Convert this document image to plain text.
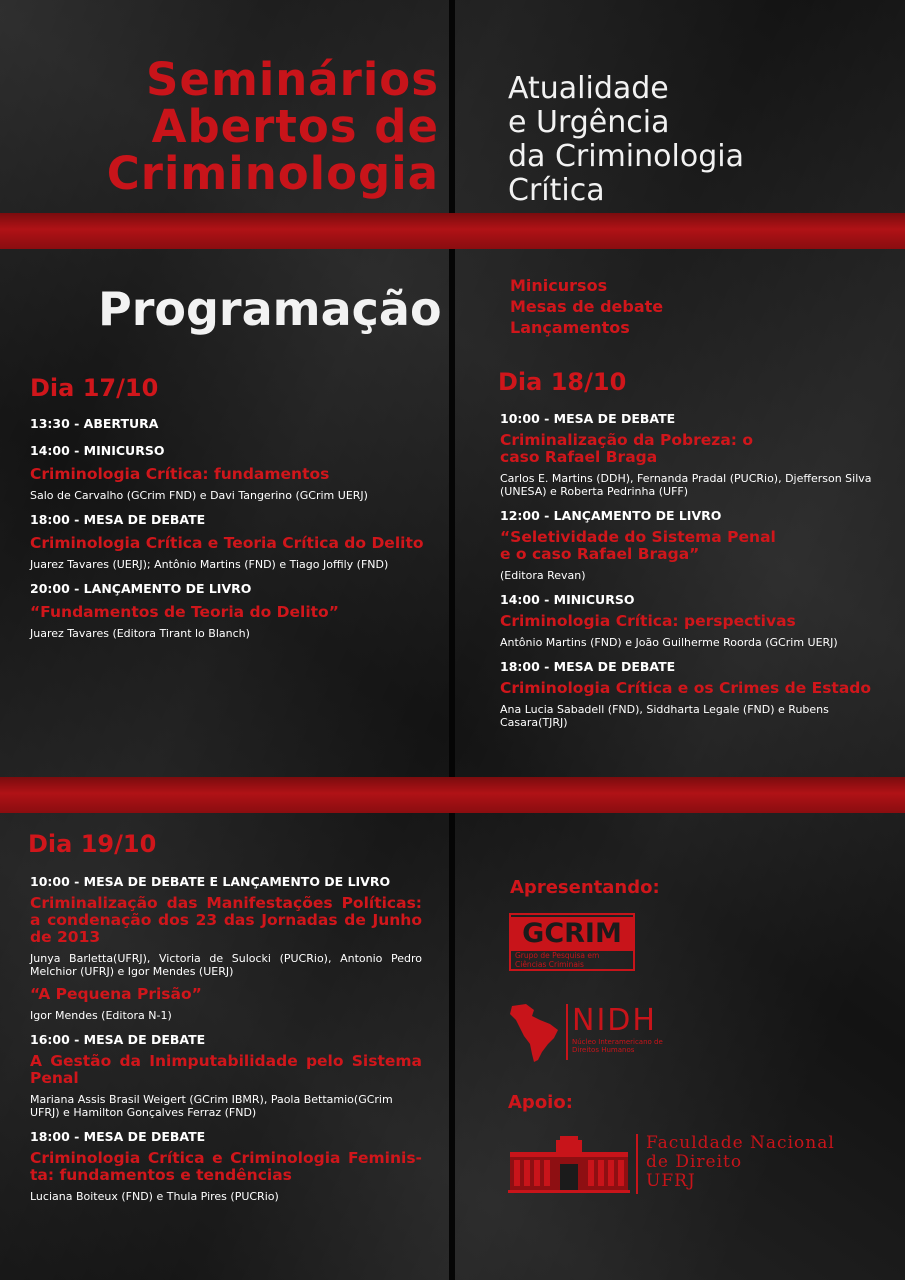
Seminários
Abertos de
Criminologia
Atualidade
e Urgência
da Criminologia
Crítica
Programação	Minicursos
Mesas de debate
Lançamentos
Dia 17/10
13:30 - ABERTURA
14:00 - MINICURSO
Criminologia Crítica: fundamentos
Salo de Carvalho (GCrim FND) e Davi Tangerino (GCrim UERJ)
18:00 - MESA DE DEBATE
Criminologia Crítica e Teoria Crítica do Delito
Juarez Tavares (UERJ); Antônio Martins (FND) e Tiago Joffily (FND)
20:00 - LANÇAMENTO DE LIVRO
“Fundamentos de Teoria do Delito”
Juarez Tavares (Editora Tirant lo Blanch)
Dia 18/10
10:00 - MESA DE DEBATE
Criminalização da Pobreza: o caso Rafael Braga
Carlos E. Martins (DDH), Fernanda Pradal (PUCRio), Djefferson Silva (UNESA) e Roberta Pedrinha (UFF)
12:00 - LANÇAMENTO DE LIVRO
“Seletividade do Sistema Penal e o caso Rafael Braga”
(Editora Revan)
14:00 - MINICURSO
Criminologia Crítica: perspectivas
Antônio Martins (FND) e João Guilherme Roorda (GCrim UERJ)
18:00 - MESA DE DEBATE
Criminologia Crítica e os Crimes de Estado
Ana Lucia Sabadell (FND), Siddharta Legale (FND) e Rubens Casara(TJRJ)
Dia 19/10
10:00 - MESA DE DEBATE E LANÇAMENTO DE LIVRO
Criminalização das Manifestações Políticas: a condenação dos 23 das Jornadas de Junho de 2013
Junya Barletta(UFRJ), Victoria de Sulocki (PUCRio), Antonio Pedro Melchior (UFRJ) e Igor Mendes (UERJ)
“A Pequena Prisão”
Igor Mendes (Editora N-1)
16:00 - MESA DE DEBATE
A Gestão da Inimputabilidade pelo Sistema Penal
Mariana Assis Brasil Weigert (GCrim IBMR), Paola Bettamio(GCrim UFRJ) e Hamilton Gonçalves Ferraz (FND)
18:00 - MESA DE DEBATE
Criminologia Crítica e Criminologia Feminis-ta: fundamentos e tendências
Luciana Boiteux (FND) e Thula Pires (PUCRio)
Apresentando:
GCRIM
Grupo de Pesquisa em Ciências Criminais
NIDH
Núcleo Interamericano de Direitos Humanos
Apoio:
Faculdade Nacional
de Direito
UFRJ
